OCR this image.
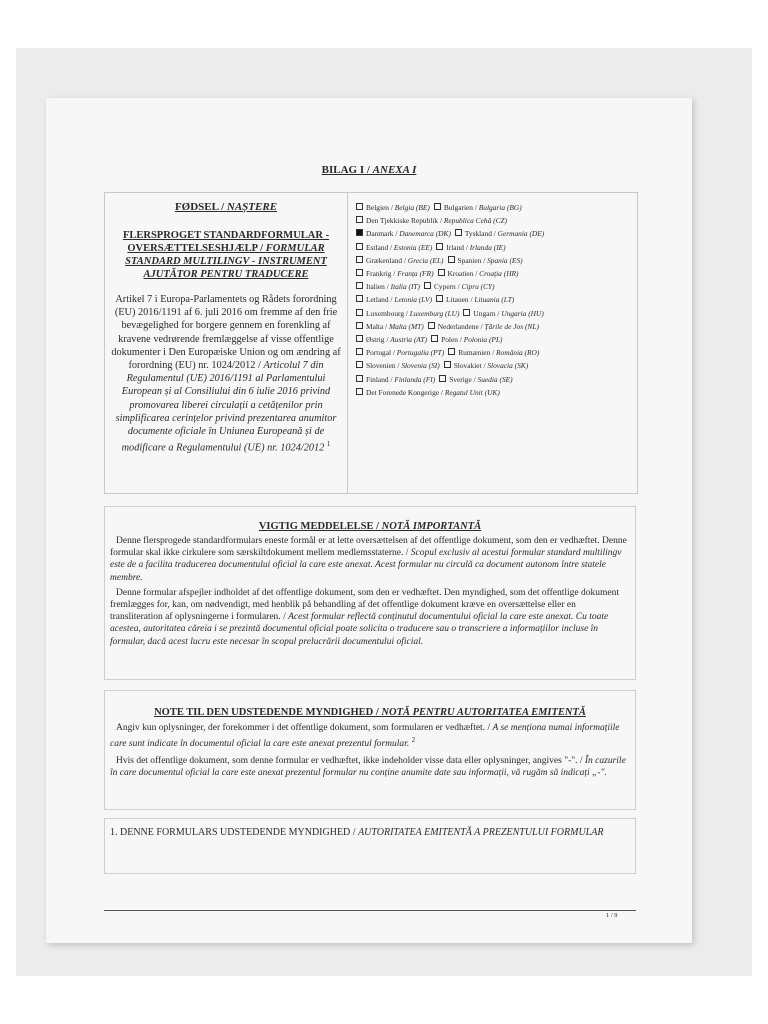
BILAG I / ANEXA I
FØDSEL / NAȘTERE
FLERSPROGET STANDARDFORMULAR - OVERSÆTTELSESHJÆLP / FORMULAR STANDARD MULTILINGV - INSTRUMENT AJUTĂTOR PENTRU TRADUCERE
Artikel 7 i Europa-Parlamentets og Rådets forordning (EU) 2016/1191 af 6. juli 2016 om fremme af den frie bevægelighed for borgere gennem en forenkling af kravene vedrørende fremlæggelse af visse offentlige dokumenter i Den Europæiske Union og om ændring af forordning (EU) nr. 1024/2012 / Articolul 7 din Regulamentul (UE) 2016/1191 al Parlamentului European și al Consiliului din 6 iulie 2016 privind promovarea liberei circulații a cetățenilor prin simplificarea cerințelor privind prezentarea anumitor documente oficiale în Uniunea Europeană și de modificare a Regulamentului (UE) nr. 1024/2012 $^1$
Belgien / Belgia (BE) Bulgarien / Bulgaria (BG)
Den Tjekkiske Republik / Republica Cehă (CZ)
Danmark / Danemarca (DK) Tyskland / Germania (DE)
Estland / Estonia (EE) Irland / Irlanda (IE)
Grækenland / Grecia (EL) Spanien / Spania (ES)
Frankrig / Franța (FR) Kroatien / Croația (HR)
Italien / Italia (IT) Cypern / Cipru (CY)
Letland / Letonia (LV) Litauen / Lituania (LT)
Luxembourg / Luxemburg (LU) Ungarn / Ungaria (HU)
Malta / Malta (MT) Nederlandene / Țările de Jos (NL)
Østrig / Austria (AT) Polen / Polonia (PL)
Portugal / Portugalia (PT) Rumænien / România (RO)
Slovenien / Slovenia (SI) Slovakiet / Slovacia (SK)
Finland / Finlanda (FI) Sverige / Suedia (SE)
Det Forenede Kongerige / Regatul Unit (UK)
VIGTIG MEDDELELSE / NOTĂ IMPORTANTĂ
Denne flersprogede standardformulars eneste formål er at lette oversættelsen af det offentlige dokument, som den er vedhæftet. Denne formular skal ikke cirkulere som særskiltdokument mellem medlemsstaterne. / Scopul exclusiv al acestui formular standard multilingv este de a facilita traducerea documentului oficial la care este anexat. Acest formular nu circulă ca document autonom între statele membre.
Denne formular afspejler indholdet af det offentlige dokument, som den er vedhæftet. Den myndighed, som det offentlige dokument fremlægges for, kan, om nødvendigt, med henblik på behandling af det offentlige dokument kræve en oversættelse eller en transliteration af oplysningerne i formularen. / Acest formular reflectă conținutul documentului oficial la care este anexat. Cu toate acestea, autoritatea căreia i se prezintă documentul oficial poate solicita o traducere sau o transcriere a informațiilor incluse în formular, dacă acest lucru este necesar în scopul prelucrării documentului oficial.
NOTE TIL DEN UDSTEDENDE MYNDIGHED / NOTĂ PENTRU AUTORITATEA EMITENTĂ
Angiv kun oplysninger, der forekommer i det offentlige dokument, som formularen er vedhæftet. / A se menționa numai informațiile care sunt indicate în documentul oficial la care este anexat prezentul formular. $^2$
Hvis det offentlige dokument, som denne formular er vedhæftet, ikke indeholder visse data eller oplysninger, angives "-". / În cazurile în care documentul oficial la care este anexat prezentul formular nu conține anumite date sau informații, vă rugăm să indicați „-".
1. DENNE FORMULARS UDSTEDENDE MYNDIGHED / AUTORITATEA EMITENTĂ A PREZENTULUI FORMULAR
1 / 9
